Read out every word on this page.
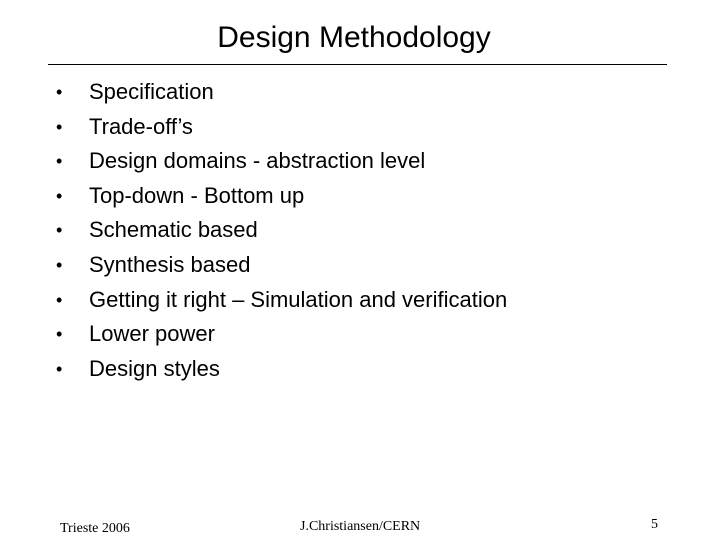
Design Methodology
• Specification
• Trade-off’s
• Design domains - abstraction level
• Top-down - Bottom up
• Schematic based
• Synthesis based
• Getting it right – Simulation and verification
• Lower power
• Design styles
Trieste 2006	J.Christiansen/CERN	5
